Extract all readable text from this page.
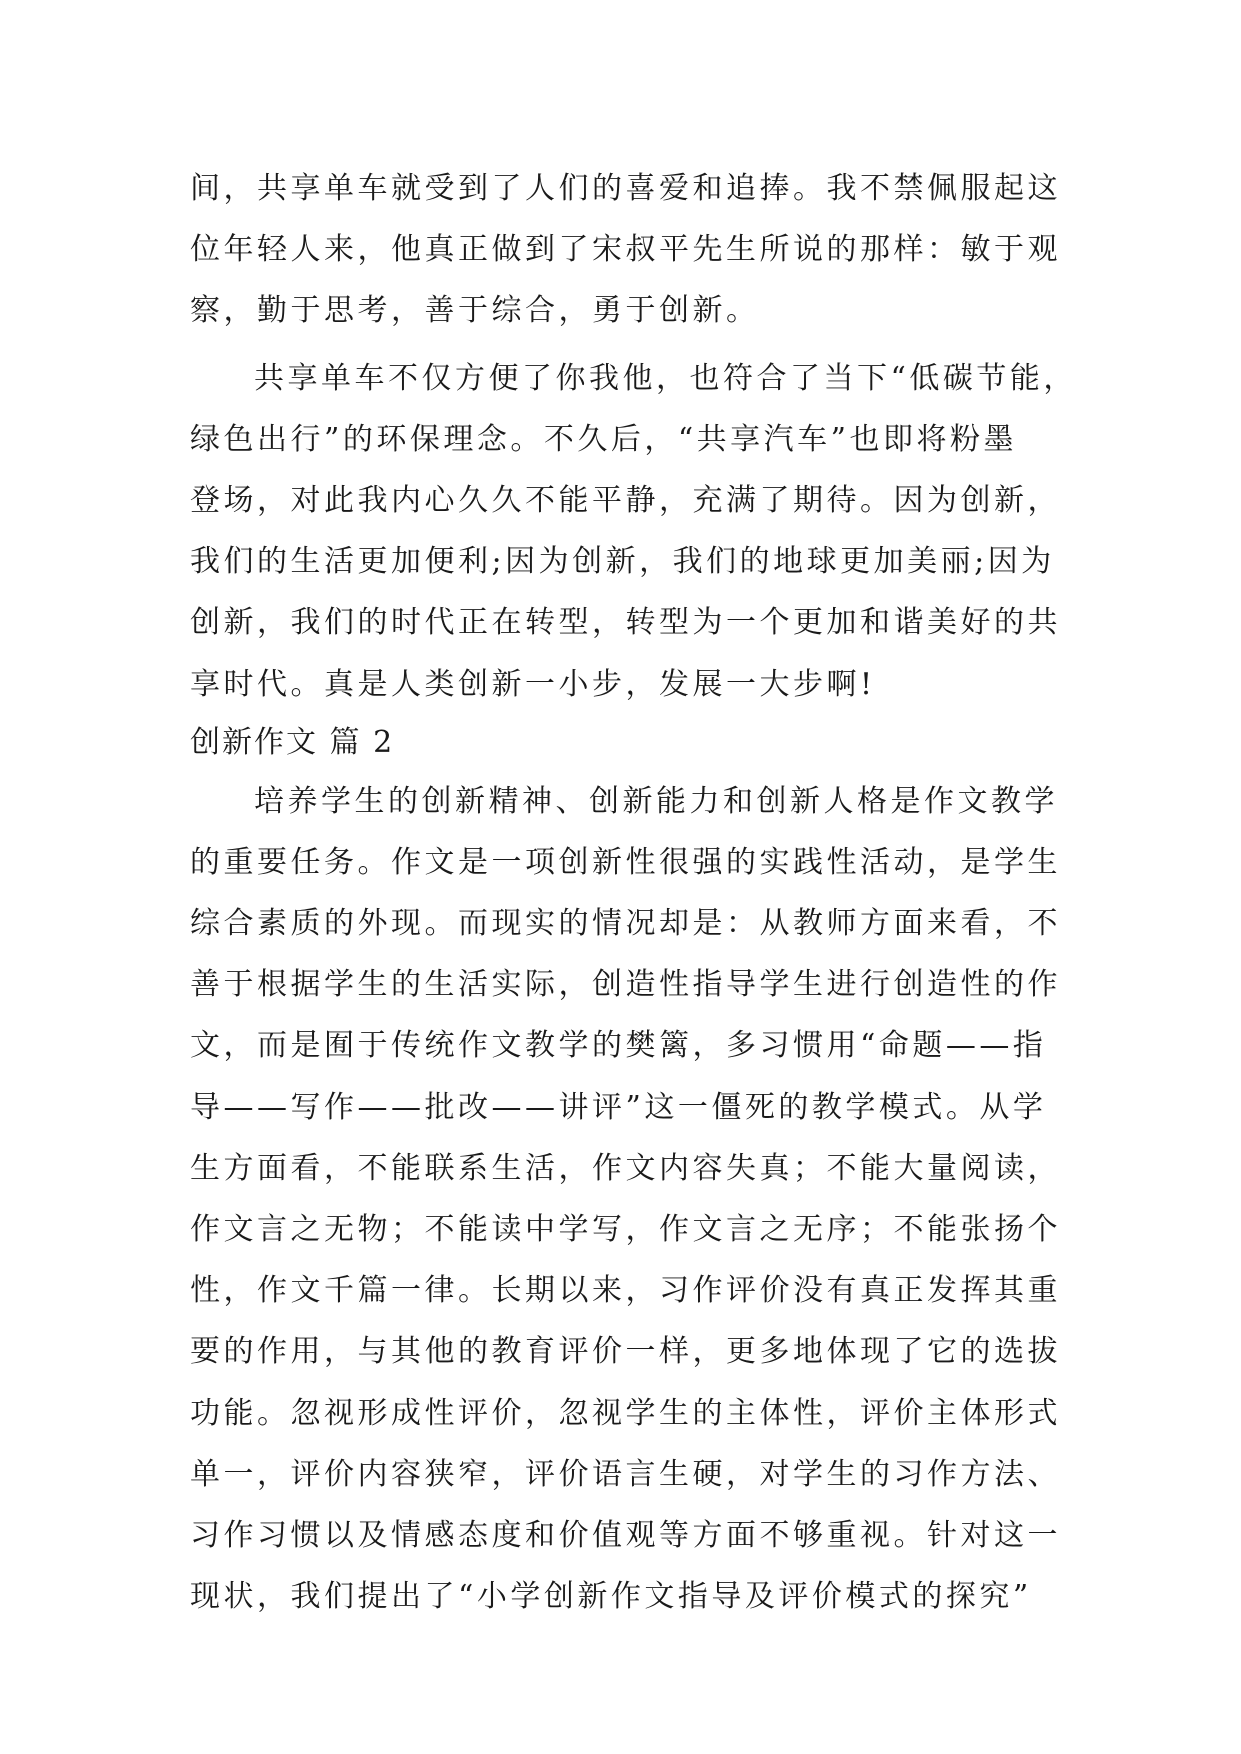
间，共享单车就受到了人们的喜爱和追捧。我不禁佩服起这
位年轻人来，他真正做到了宋叔平先生所说的那样：敏于观
察，勤于思考，善于综合，勇于创新。
共享单车不仅方便了你我他，也符合了当下“低碳节能，
绿色出行”的环保理念。不久后，“共享汽车”也即将粉墨
登场，对此我内心久久不能平静，充满了期待。因为创新，
我们的生活更加便利;因为创新，我们的地球更加美丽;因为
创新，我们的时代正在转型，转型为一个更加和谐美好的共
享时代。真是人类创新一小步，发展一大步啊!
创新作文 篇 2
培养学生的创新精神、创新能力和创新人格是作文教学
的重要任务。作文是一项创新性很强的实践性活动，是学生
综合素质的外现。而现实的情况却是：从教师方面来看，不
善于根据学生的生活实际，创造性指导学生进行创造性的作
文，而是囿于传统作文教学的樊篱，多习惯用“命题——指
导——写作——批改——讲评”这一僵死的教学模式。从学
生方面看，不能联系生活，作文内容失真；不能大量阅读，
作文言之无物；不能读中学写，作文言之无序；不能张扬个
性，作文千篇一律。长期以来，习作评价没有真正发挥其重
要的作用，与其他的教育评价一样，更多地体现了它的选拔
功能。忽视形成性评价，忽视学生的主体性，评价主体形式
单一，评价内容狭窄，评价语言生硬，对学生的习作方法、
习作习惯以及情感态度和价值观等方面不够重视。针对这一
现状，我们提出了“小学创新作文指导及评价模式的探究”
